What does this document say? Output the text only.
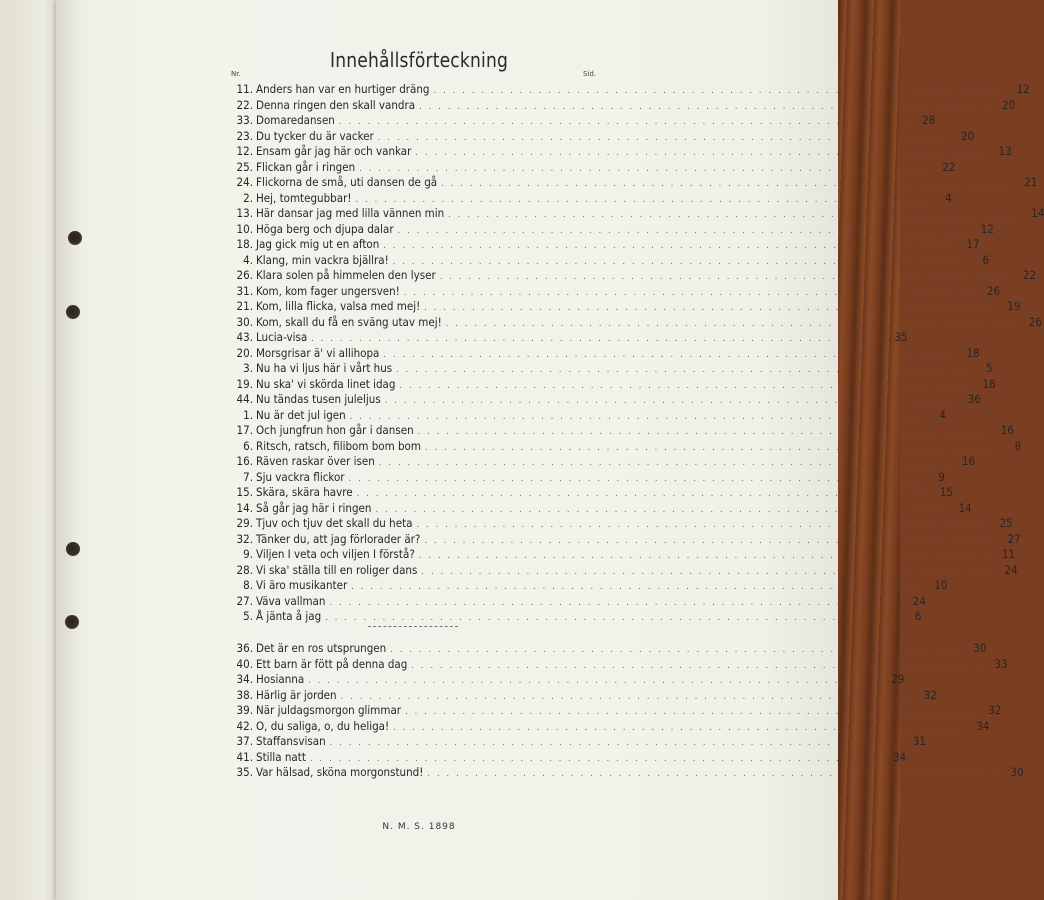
Innehållsförteckning
Nr.	Sid.
11. Anders han var en hurtiger dräng ............................................................ 12
22. Denna ringen den skall vandra ............................................................ 20
33. Domaredansen ............................................................ 28
23. Du tycker du är vacker ............................................................ 20
12. Ensam går jag här och vankar ............................................................ 13
25. Flickan går i ringen ............................................................ 22
24. Flickorna de små, uti dansen de gå ............................................................ 21
2. Hej, tomtegubbar! ............................................................	4
13. Här dansar jag med lilla vännen min ............................................................ 14
10. Höga berg och djupa dalar ............................................................ 12
18. Jag gick mig ut en afton ............................................................ 17
4. Klang, min vackra bjällra! ............................................................	6
26. Klara solen på himmelen den lyser ............................................................ 22
31. Kom, kom fager ungersven! ............................................................ 26
21. Kom, lilla flicka, valsa med mej! ............................................................ 19
30. Kom, skall du få en sväng utav mej! ............................................................ 26
43. Lucia-visa ............................................................ 35
20. Morsgrisar ä' vi allihopa ............................................................ 18
3. Nu ha vi ljus här i vårt hus ............................................................	5
19. Nu ska' vi skörda linet idag ............................................................ 18
44. Nu tändas tusen juleljus ............................................................ 36
1. Nu är det jul igen ............................................................	4
17. Och jungfrun hon går i dansen ............................................................ 16
6. Ritsch, ratsch, filibom bom bom ............................................................	8
16. Räven raskar över isen ............................................................ 16
7. Sju vackra flickor ............................................................	9
15. Skära, skära havre ............................................................ 15
14. Så går jag här i ringen ............................................................ 14
29. Tjuv och tjuv det skall du heta ............................................................ 25
32. Tänker du, att jag förlorader är? ............................................................ 27
9. Viljen I veta och viljen I förstå? ............................................................ 11
28. Vi ska' ställa till en roliger dans ............................................................ 24
8. Vi äro musikanter ............................................................ 10
27. Väva vallman ............................................................ 24
5. Å jänta å jag ............................................................	6
36. Det är en ros utsprungen ............................................................ 30
40. Ett barn är fött på denna dag ............................................................ 33
34. Hosianna ............................................................ 29
38. Härlig är jorden ............................................................ 32
39. När juldagsmorgon glimmar ............................................................ 32
42. O, du saliga, o, du heliga! ............................................................ 34
37. Staffansvisan ............................................................ 31
41. Stilla natt ............................................................ 34
35. Var hälsad, sköna morgonstund! ............................................................ 30
N. M. S. 1898
